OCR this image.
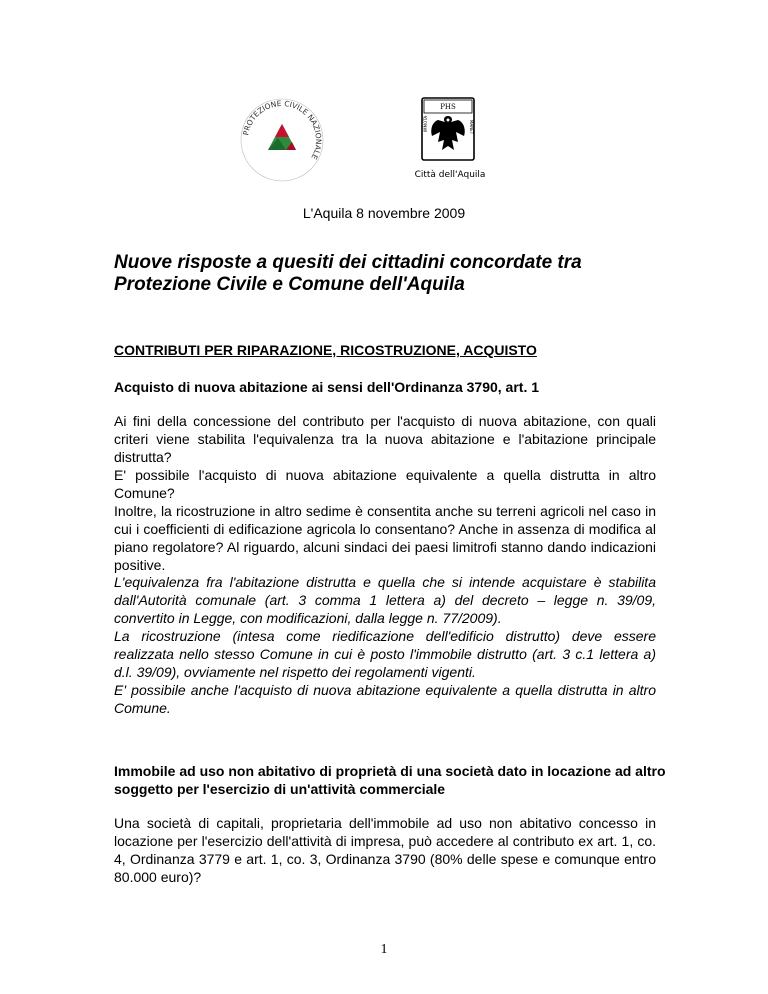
PROTEZIONE CIVILE NAZIONALE
PHS
IMMOTA	MANET
Città dell'Aquila
L'Aquila 8 novembre 2009
Nuove risposte a quesiti dei cittadini concordate tra Protezione Civile e Comune dell'Aquila
CONTRIBUTI PER RIPARAZIONE, RICOSTRUZIONE, ACQUISTO
Acquisto di nuova abitazione ai sensi dell'Ordinanza 3790, art. 1

Ai fini della concessione del contributo per l'acquisto di nuova abitazione, con quali criteri viene stabilita l'equivalenza tra la nuova abitazione e l'abitazione principale distrutta?

E' possibile l'acquisto di nuova abitazione equivalente a quella distrutta in altro Comune?

Inoltre, la ricostruzione in altro sedime è consentita anche su terreni agricoli nel caso in cui i coefficienti di edificazione agricola lo consentano? Anche in assenza di modifica al piano regolatore? Al riguardo, alcuni sindaci dei paesi limitrofi stanno dando indicazioni positive.

L'equivalenza fra l'abitazione distrutta e quella che si intende acquistare è stabilita dall'Autorità comunale (art. 3 comma 1 lettera a) del decreto – legge n. 39/09, convertito in Legge, con modificazioni, dalla legge n. 77/2009).

La ricostruzione (intesa come riedificazione dell'edificio distrutto) deve essere realizzata nello stesso Comune in cui è posto l'immobile distrutto (art. 3 c.1 lettera a) d.l. 39/09), ovviamente nel rispetto dei regolamenti vigenti.

E' possibile anche l'acquisto di nuova abitazione equivalente a quella distrutta in altro Comune.

Immobile ad uso non abitativo di proprietà di una società dato in locazione ad altro soggetto per l'esercizio di un'attività commerciale

Una società di capitali, proprietaria dell'immobile ad uso non abitativo concesso in locazione per l'esercizio dell'attività di impresa, può accedere al contributo ex art. 1, co. 4, Ordinanza 3779 e art. 1, co. 3, Ordinanza 3790 (80% delle spese e comunque entro 80.000 euro)?

1
